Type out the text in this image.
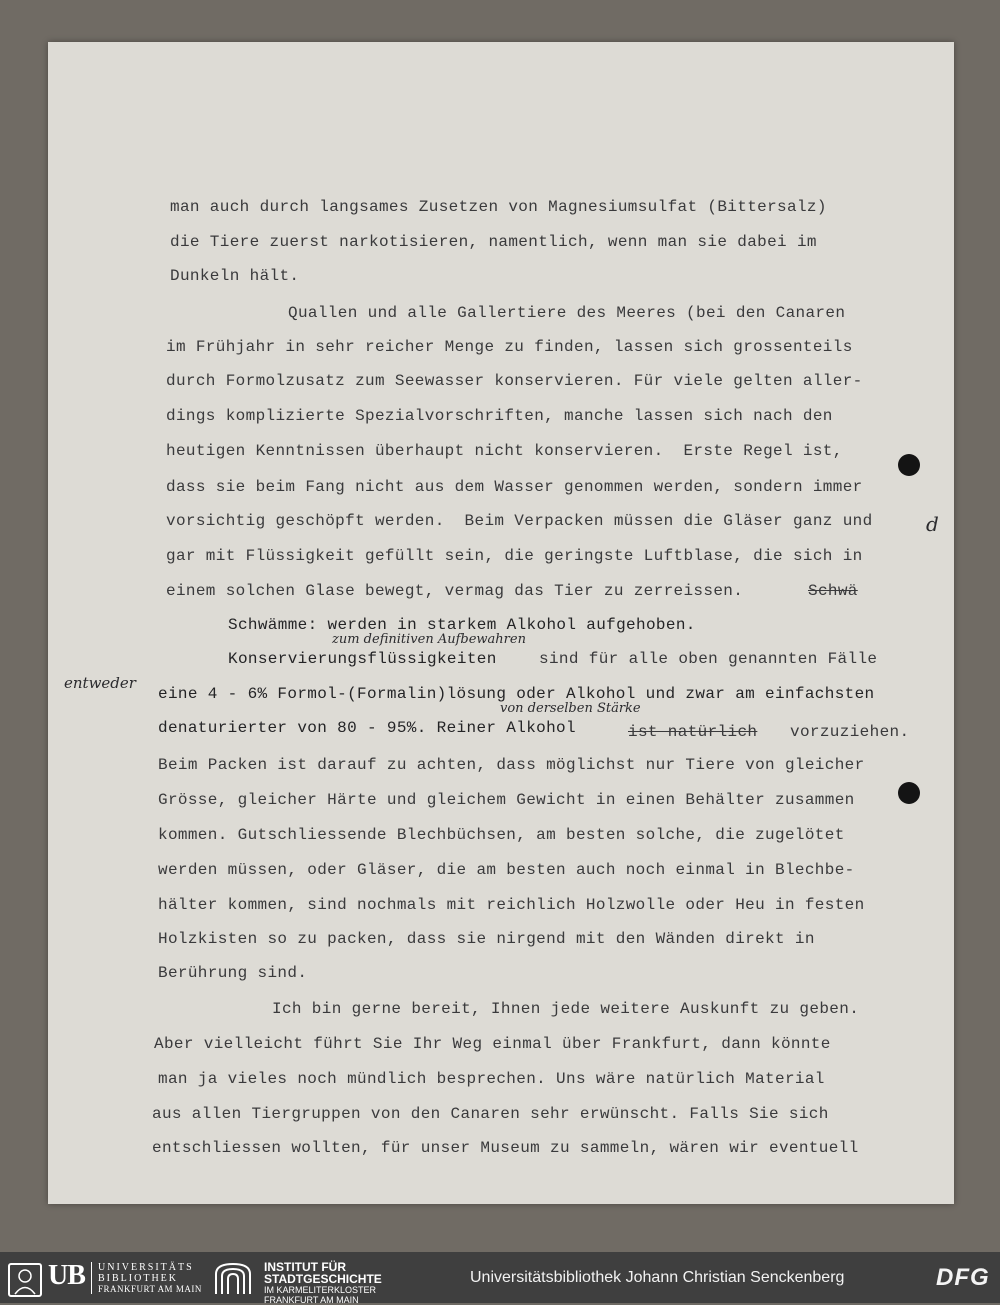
man auch durch langsames Zusetzen von Magnesiumsulfat (Bittersalz)
die Tiere zuerst narkotisieren, namentlich, wenn man sie dabei im
Dunkeln hält.
Quallen und alle Gallertiere des Meeres (bei den Canaren
im Frühjahr in sehr reicher Menge zu finden, lassen sich grossenteils
durch Formolzusatz zum Seewasser konservieren. Für viele gelten aller-
dings komplizierte Spezialvorschriften, manche lassen sich nach den
heutigen Kenntnissen überhaupt nicht konservieren.  Erste Regel ist,
dass sie beim Fang nicht aus dem Wasser genommen werden, sondern immer
vorsichtig geschöpft werden.  Beim Verpacken müssen die Gläser ganz und
gar mit Flüssigkeit gefüllt sein, die geringste Luftblase, die sich in
einem solchen Glase bewegt, vermag das Tier zu zerreissen.	Schwä
Schwämme: werden in starkem Alkohol aufgehoben.
zum definitiven Aufbewahren
Konservierungsflüssigkeiten	sind für alle oben genannten Fälle
entweder
eine 4 - 6% Formol-(Formalin)lösung oder Alkohol und zwar am einfachsten
von derselben Stärke
denaturierter von 80 - 95%. Reiner Alkohol	ist natürlich vorzuziehen.
Beim Packen ist darauf zu achten, dass möglichst nur Tiere von gleicher
Grösse, gleicher Härte und gleichem Gewicht in einen Behälter zusammen
kommen. Gutschliessende Blechbüchsen, am besten solche, die zugelötet
werden müssen, oder Gläser, die am besten auch noch einmal in Blechbe-
hälter kommen, sind nochmals mit reichlich Holzwolle oder Heu in festen
Holzkisten so zu packen, dass sie nirgend mit den Wänden direkt in
Berührung sind.
Ich bin gerne bereit, Ihnen jede weitere Auskunft zu geben.
Aber vielleicht führt Sie Ihr Weg einmal über Frankfurt, dann könnte
man ja vieles noch mündlich besprechen. Uns wäre natürlich Material
aus allen Tiergruppen von den Canaren sehr erwünscht. Falls Sie sich
entschliessen wollten, für unser Museum zu sammeln, wären wir eventuell
d
UB UNIVERSITÄTS
BIBLIOTHEK
FRANKFURT AM MAIN
INSTITUT FÜR
STADTGESCHICHTE
IM KARMELITERKLOSTER
FRANKFURT AM MAIN
Universitätsbibliothek Johann Christian Senckenberg	DFG
